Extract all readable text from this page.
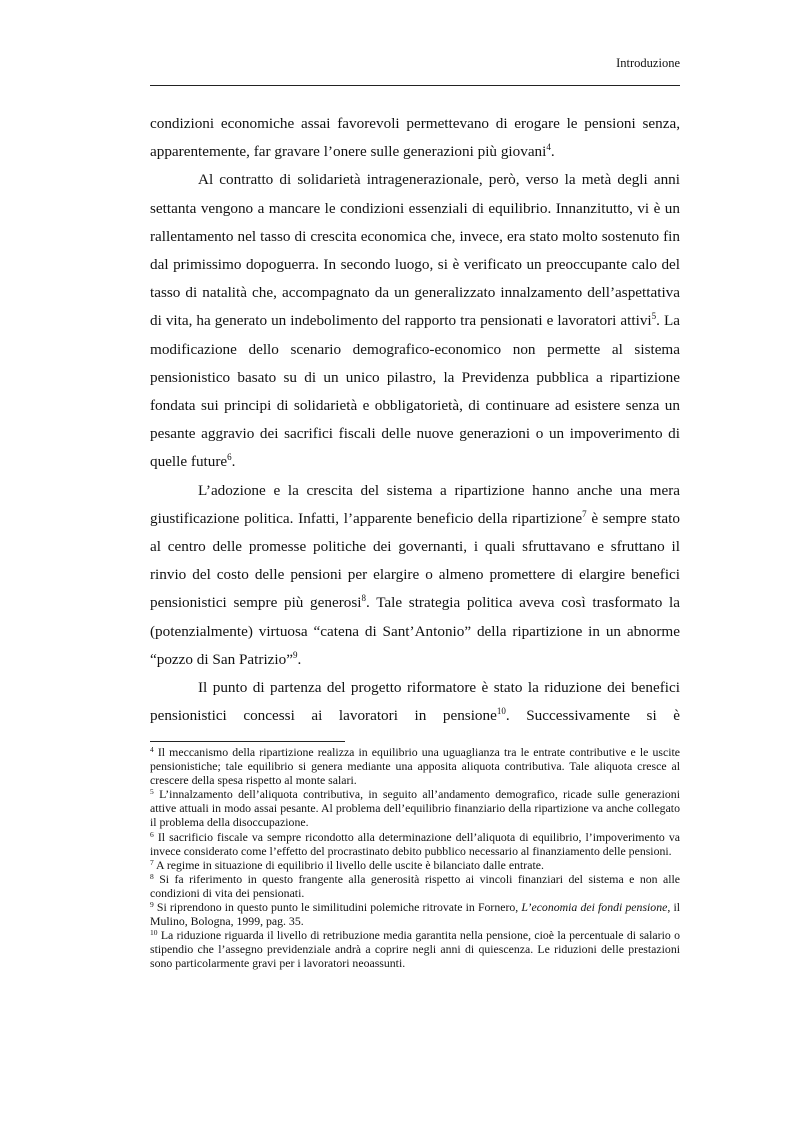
Introduzione

condizioni economiche assai favorevoli permettevano di erogare le pensioni senza, apparentemente, far gravare l’onere sulle generazioni più giovani$^4$.

Al contratto di solidarietà intragenerazionale, però, verso la metà degli anni settanta vengono a mancare le condizioni essenziali di equilibrio. Innanzitutto, vi è un rallentamento nel tasso di crescita economica che, invece, era stato molto sostenuto fin dal primissimo dopoguerra. In secondo luogo, si è verificato un preoccupante calo del tasso di natalità che, accompagnato da un generalizzato innalzamento dell’aspettativa di vita, ha generato un indebolimento del rapporto tra pensionati e lavoratori attivi$^5$. La modificazione dello scenario demografico-economico non permette al sistema pensionistico basato su di un unico pilastro, la Previdenza pubblica a ripartizione fondata sui principi di solidarietà e obbligatorietà, di continuare ad esistere senza un pesante aggravio dei sacrifici fiscali delle nuove generazioni o un impoverimento di quelle future$^6$.

L’adozione e la crescita del sistema a ripartizione hanno anche una mera giustificazione politica. Infatti, l’apparente beneficio della ripartizione$^7$ è sempre stato al centro delle promesse politiche dei governanti, i quali sfruttavano e sfruttano il rinvio del costo delle pensioni per elargire o almeno promettere di elargire benefici pensionistici sempre più generosi$^8$. Tale strategia politica aveva così trasformato la (potenzialmente) virtuosa “catena di Sant’Antonio” della ripartizione in un abnorme “pozzo di San Patrizio”$^9$.

Il punto di partenza del progetto riformatore è stato la riduzione dei benefici pensionistici concessi ai lavoratori in pensione$^{10}$. Successivamente si è

$^4$ Il meccanismo della ripartizione realizza in equilibrio una uguaglianza tra le entrate contributive e le uscite pensionistiche; tale equilibrio si genera mediante una apposita aliquota contributiva. Tale aliquota cresce al crescere della spesa rispetto al monte salari.

$^5$ L’innalzamento dell’aliquota contributiva, in seguito all’andamento demografico, ricade sulle generazioni attive attuali in modo assai pesante. Al problema dell’equilibrio finanziario della ripartizione va anche collegato il problema della disoccupazione.

$^6$ Il sacrificio fiscale va sempre ricondotto alla determinazione dell’aliquota di equilibrio, l’impoverimento va invece considerato come l’effetto del procrastinato debito pubblico necessario al finanziamento delle pensioni.

$^7$ A regime in situazione di equilibrio il livello delle uscite è bilanciato dalle entrate.

$^8$ Si fa riferimento in questo frangente alla generosità rispetto ai vincoli finanziari del sistema e non alle condizioni di vita dei pensionati.

$^9$ Si riprendono in questo punto le similitudini polemiche ritrovate in Fornero, L’economia dei fondi pensione, il Mulino, Bologna, 1999, pag. 35.

$^{10}$ La riduzione riguarda il livello di retribuzione media garantita nella pensione, cioè la percentuale di salario o stipendio che l’assegno previdenziale andrà a coprire negli anni di quiescenza. Le riduzioni delle prestazioni sono particolarmente gravi per i lavoratori neoassunti.
